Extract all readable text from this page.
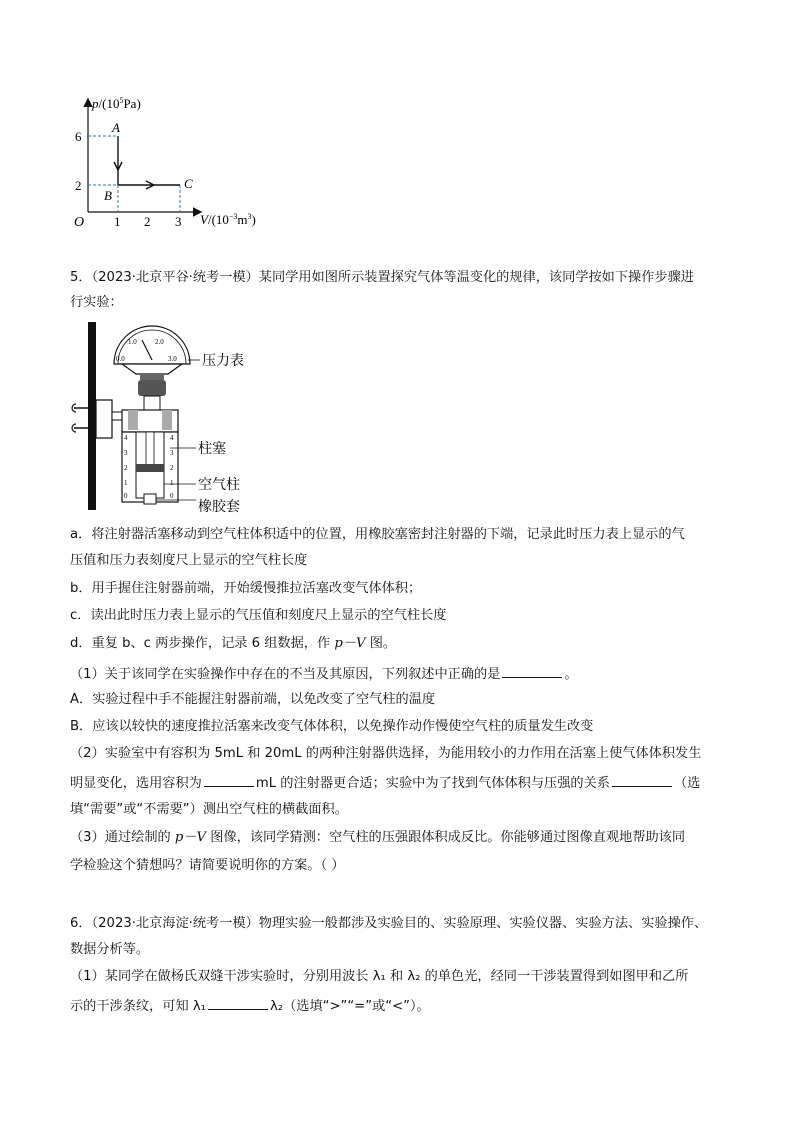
$p/(10^5Pa)$
$V/(10^{-3}m^3)$
O
6
2
1 2 3
A
B
C
5．（2023·北京平谷·统考一模）某同学用如图所示装置探究气体等温变化的规律，该同学按如下操作步骤进
行实验：
0.0
1.0	2.0
3.0
4
3
2
1
0
4
3
2
1
0
压力表
柱塞
空气柱
橡胶套
a．将注射器活塞移动到空气柱体积适中的位置，用橡胶塞密封注射器的下端，记录此时压力表上显示的气
压值和压力表刻度尺上显示的空气柱长度
b．用手握住注射器前端，开始缓慢推拉活塞改变气体体积；
c．读出此时压力表上显示的气压值和刻度尺上显示的空气柱长度
d．重复 b、c 两步操作，记录 6 组数据，作 p－V 图。
（1）关于该同学在实验操作中存在的不当及其原因，下列叙述中正确的是	。
A．实验过程中手不能握注射器前端，以免改变了空气柱的温度
B．应该以较快的速度推拉活塞来改变气体体积，以免操作动作慢使空气柱的质量发生改变
（2）实验室中有容积为 5mL 和 20mL 的两种注射器供选择，为能用较小的力作用在活塞上使气体体积发生
明显变化，选用容积为	mL 的注射器更合适；实验中为了找到气体体积与压强的关系	（选
填“需要”或“不需要”）测出空气柱的横截面积。
（3）通过绘制的 p－V 图像，该同学猜测：空气柱的压强跟体积成反比。你能够通过图像直观地帮助该同
学检验这个猜想吗？请简要说明你的方案。（ ）
6．（2023·北京海淀·统考一模）物理实验一般都涉及实验目的、实验原理、实验仪器、实验方法、实验操作、
数据分析等。
（1）某同学在做杨氏双缝干涉实验时，分别用波长 λ₁ 和 λ₂ 的单色光，经同一干涉装置得到如图甲和乙所
示的干涉条纹，可知 λ₁	λ₂（选填“>”“=”或“<”）。
